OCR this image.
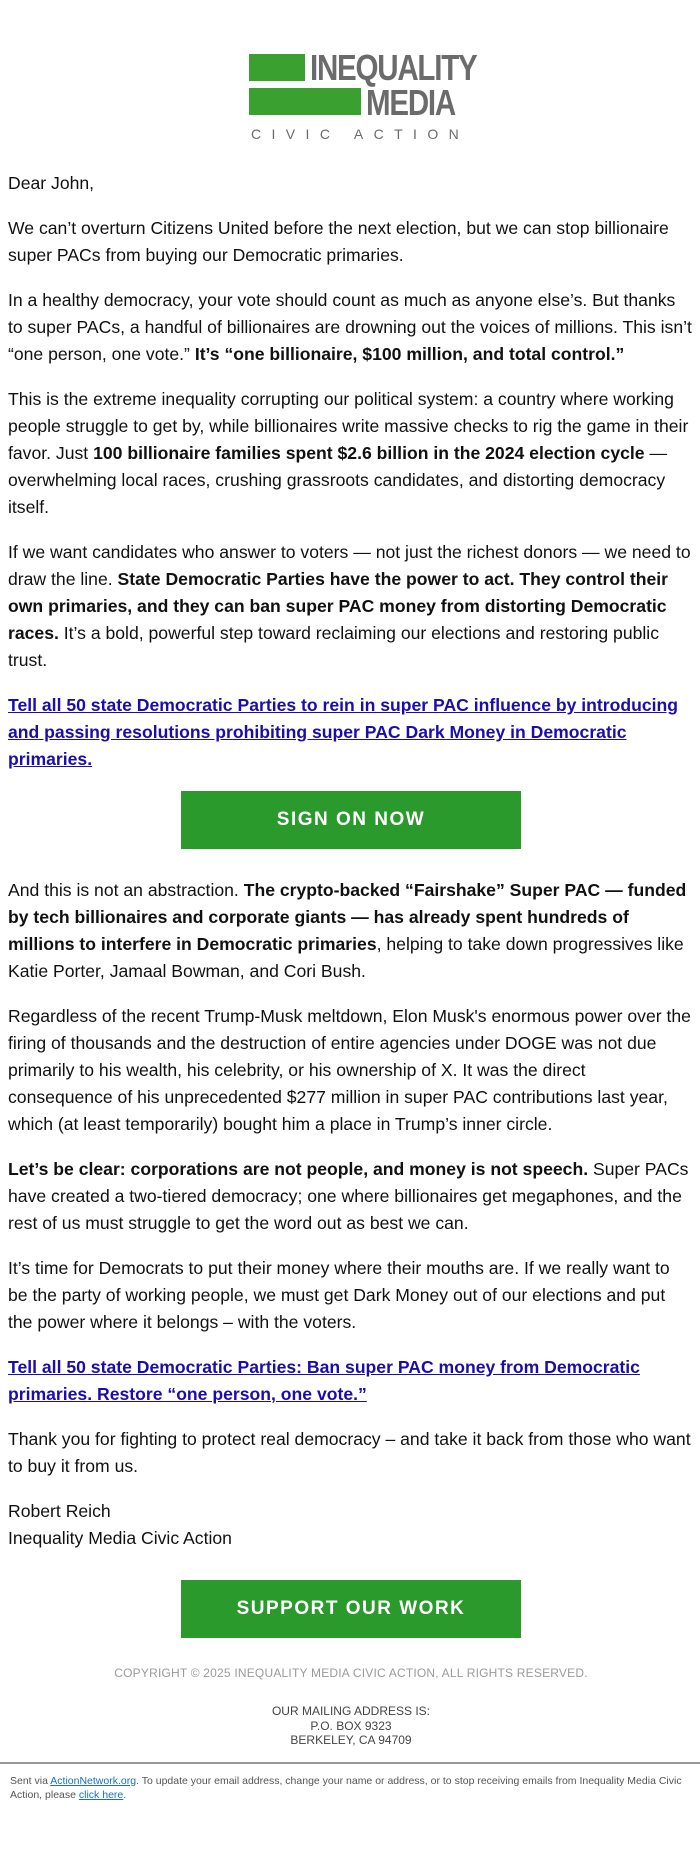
INEQUALITY
MEDIA
CIVIC ACTION

Dear John,

We can’t overturn Citizens United before the next election, but we can stop billionaire super PACs from buying our Democratic primaries.

In a healthy democracy, your vote should count as much as anyone else’s. But thanks to super PACs, a handful of billionaires are drowning out the voices of millions. This isn’t “one person, one vote.” It’s “one billionaire, $100 million, and total control.”

This is the extreme inequality corrupting our political system: a country where working people struggle to get by, while billionaires write massive checks to rig the game in their favor. Just 100 billionaire families spent $2.6 billion in the 2024 election cycle — overwhelming local races, crushing grassroots candidates, and distorting democracy itself.

If we want candidates who answer to voters — not just the richest donors — we need to draw the line. State Democratic Parties have the power to act. They control their own primaries, and they can ban super PAC money from distorting Democratic races. It’s a bold, powerful step toward reclaiming our elections and restoring public trust.

Tell all 50 state Democratic Parties to rein in super PAC influence by introducing and passing resolutions prohibiting super PAC Dark Money in Democratic primaries.

SIGN ON NOW

And this is not an abstraction. The crypto-backed “Fairshake” Super PAC — funded by tech billionaires and corporate giants — has already spent hundreds of millions to interfere in Democratic primaries, helping to take down progressives like Katie Porter, Jamaal Bowman, and Cori Bush.

Regardless of the recent Trump-Musk meltdown, Elon Musk's enormous power over the firing of thousands and the destruction of entire agencies under DOGE was not due primarily to his wealth, his celebrity, or his ownership of X. It was the direct consequence of his unprecedented $277 million in super PAC contributions last year, which (at least temporarily) bought him a place in Trump’s inner circle.

Let’s be clear: corporations are not people, and money is not speech. Super PACs have created a two-tiered democracy; one where billionaires get megaphones, and the rest of us must struggle to get the word out as best we can.

It’s time for Democrats to put their money where their mouths are. If we really want to be the party of working people, we must get Dark Money out of our elections and put the power where it belongs – with the voters.

Tell all 50 state Democratic Parties: Ban super PAC money from Democratic primaries. Restore “one person, one vote.”

Thank you for fighting to protect real democracy – and take it back from those who want to buy it from us.

Robert Reich
Inequality Media Civic Action

SUPPORT OUR WORK
COPYRIGHT © 2025 INEQUALITY MEDIA CIVIC ACTION, ALL RIGHTS RESERVED.
OUR MAILING ADDRESS IS:
P.O. BOX 9323
BERKELEY, CA 94709
Sent via ActionNetwork.org. To update your email address, change your name or address, or to stop receiving emails from Inequality Media Civic Action, please click here.
